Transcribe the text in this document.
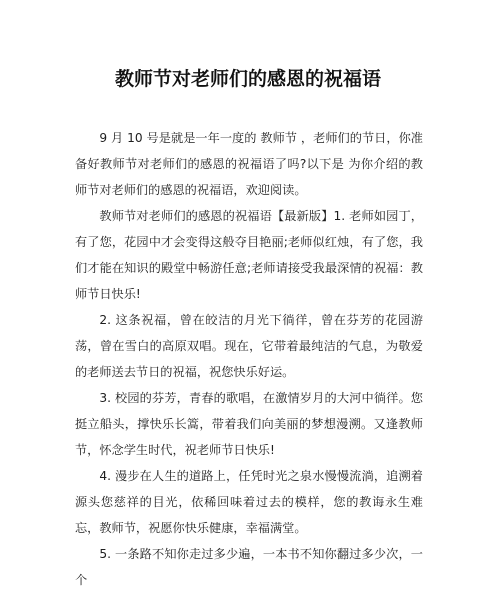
教师节对老师们的感恩的祝福语

9 月 10 号是就是一年一度的 教师节 ，老师们的节日，你准备好教师节对老师们的感恩的祝福语了吗?以下是 为你介绍的教师节对老师们的感恩的祝福语，欢迎阅读。

教师节对老师们的感恩的祝福语【最新版】1. 老师如园丁，有了您，花园中才会变得这般夺目艳丽;老师似红烛，有了您，我们才能在知识的殿堂中畅游任意;老师请接受我最深情的祝福：教师节日快乐!

2. 这条祝福，曾在皎洁的月光下徜徉，曾在芬芳的花园游荡，曾在雪白的高原双唱。现在，它带着最纯洁的气息，为敬爱的老师送去节日的祝福，祝您快乐好运。

3. 校园的芬芳，青春的歌唱，在激情岁月的大河中徜徉。您挺立船头，撑快乐长篙，带着我们向美丽的梦想漫溯。又逢教师节，怀念学生时代，祝老师节日快乐!

4. 漫步在人生的道路上，任凭时光之泉水慢慢流淌，追溯着源头您慈祥的目光，依稀回味着过去的模样，您的教诲永生难忘，教师节，祝愿你快乐健康，幸福满堂。

5. 一条路不知你走过多少遍，一本书不知你翻过多少次，一个
